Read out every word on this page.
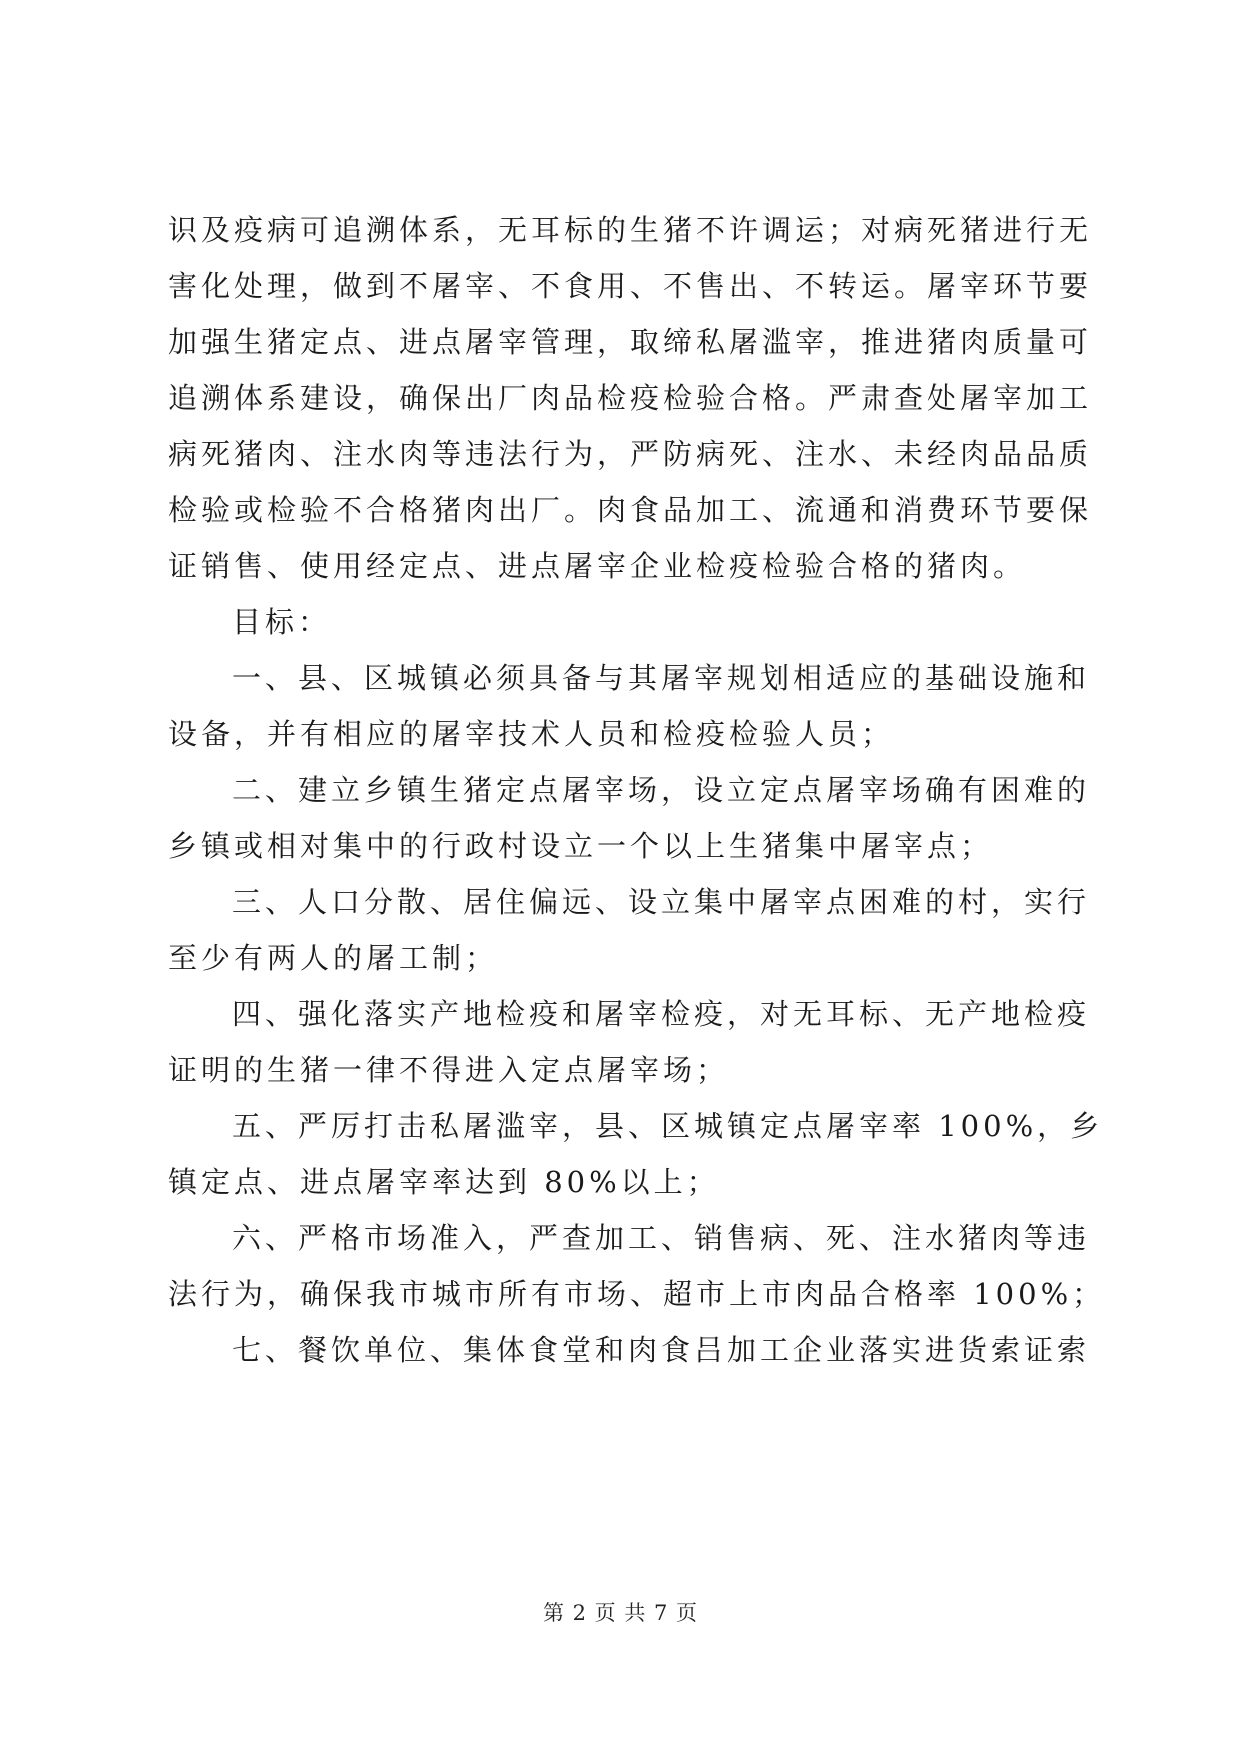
识及疫病可追溯体系，无耳标的生猪不许调运；对病死猪进行无
害化处理，做到不屠宰、不食用、不售出、不转运。屠宰环节要
加强生猪定点、进点屠宰管理，取缔私屠滥宰，推进猪肉质量可
追溯体系建设，确保出厂肉品检疫检验合格。严肃查处屠宰加工
病死猪肉、注水肉等违法行为，严防病死、注水、未经肉品品质
检验或检验不合格猪肉出厂。肉食品加工、流通和消费环节要保
证销售、使用经定点、进点屠宰企业检疫检验合格的猪肉。
目标：
一、县、区城镇必须具备与其屠宰规划相适应的基础设施和
设备，并有相应的屠宰技术人员和检疫检验人员；
二、建立乡镇生猪定点屠宰场，设立定点屠宰场确有困难的
乡镇或相对集中的行政村设立一个以上生猪集中屠宰点；
三、人口分散、居住偏远、设立集中屠宰点困难的村，实行
至少有两人的屠工制；
四、强化落实产地检疫和屠宰检疫，对无耳标、无产地检疫
证明的生猪一律不得进入定点屠宰场；
五、严厉打击私屠滥宰，县、区城镇定点屠宰率 100%，乡
镇定点、进点屠宰率达到 80%以上；
六、严格市场准入，严查加工、销售病、死、注水猪肉等违
法行为，确保我市城市所有市场、超市上市肉品合格率 100%；
七、餐饮单位、集体食堂和肉食吕加工企业落实进货索证索
第 2 页 共 7 页
